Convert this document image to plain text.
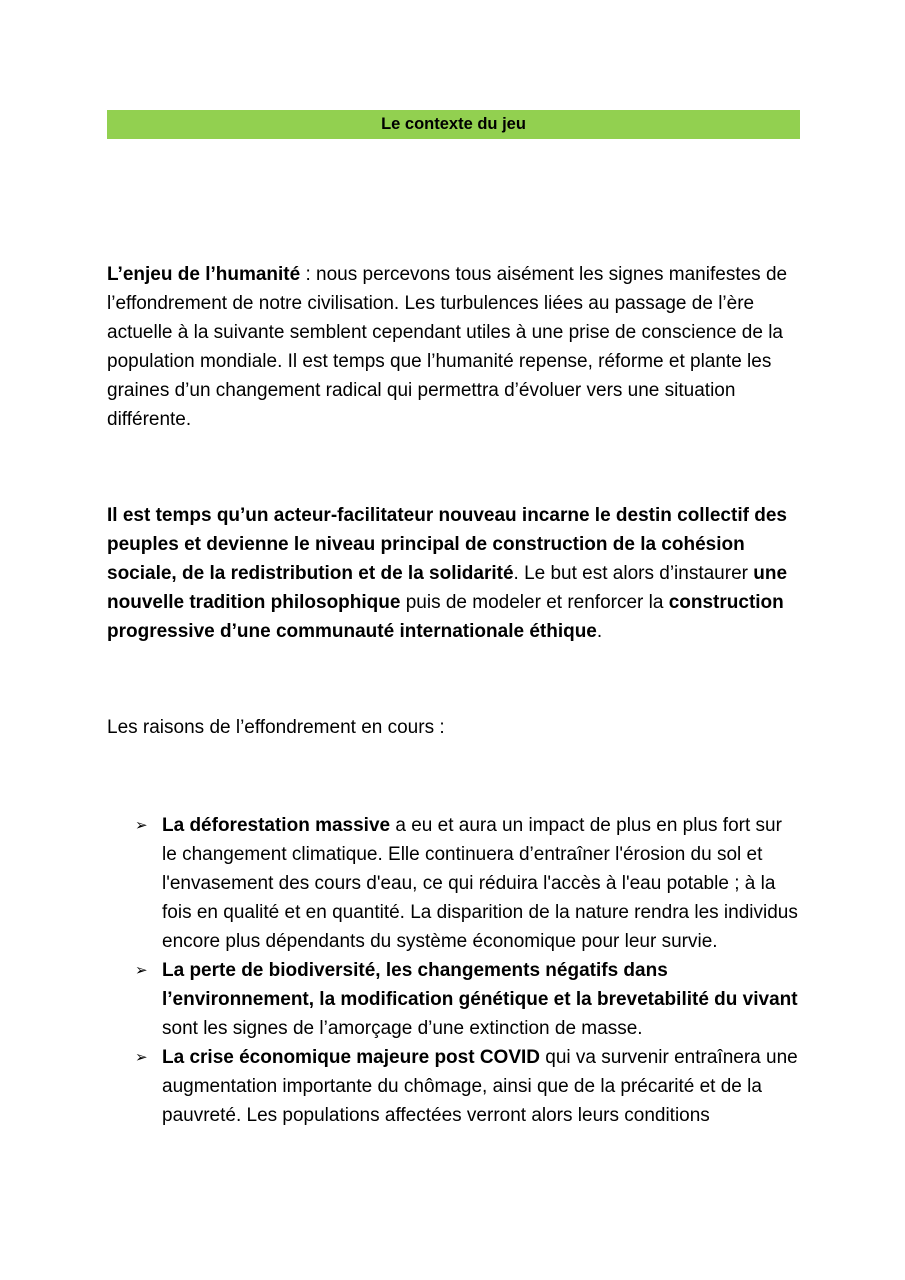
Le contexte du jeu

L’enjeu de l’humanité : nous percevons tous aisément les signes manifestes de l’effondrement de notre civilisation. Les turbulences liées au passage de l’ère actuelle à la suivante semblent cependant utiles à une prise de conscience de la population mondiale. Il est temps que l’humanité repense, réforme et plante les graines d’un changement radical qui permettra d’évoluer vers une situation différente.

Il est temps qu’un acteur-facilitateur nouveau incarne le destin collectif des peuples et devienne le niveau principal de construction de la cohésion sociale, de la redistribution et de la solidarité. Le but est alors d’instaurer une nouvelle tradition philosophique puis de modeler et renforcer la construction progressive d’une communauté internationale éthique.

Les raisons de l’effondrement en cours :

➢ La déforestation massive a eu et aura un impact de plus en plus fort sur le changement climatique. Elle continuera d’entraîner l'érosion du sol et l'envasement des cours d'eau, ce qui réduira l'accès à l'eau potable ; à la fois en qualité et en quantité. La disparition de la nature rendra les individus encore plus dépendants du système économique pour leur survie.
➢ La perte de biodiversité, les changements négatifs dans l’environnement, la modification génétique et la brevetabilité du vivant sont les signes de l’amorçage d’une extinction de masse.
➢ La crise économique majeure post COVID qui va survenir entraînera une augmentation importante du chômage, ainsi que de la précarité et de la pauvreté. Les populations affectées verront alors leurs conditions
